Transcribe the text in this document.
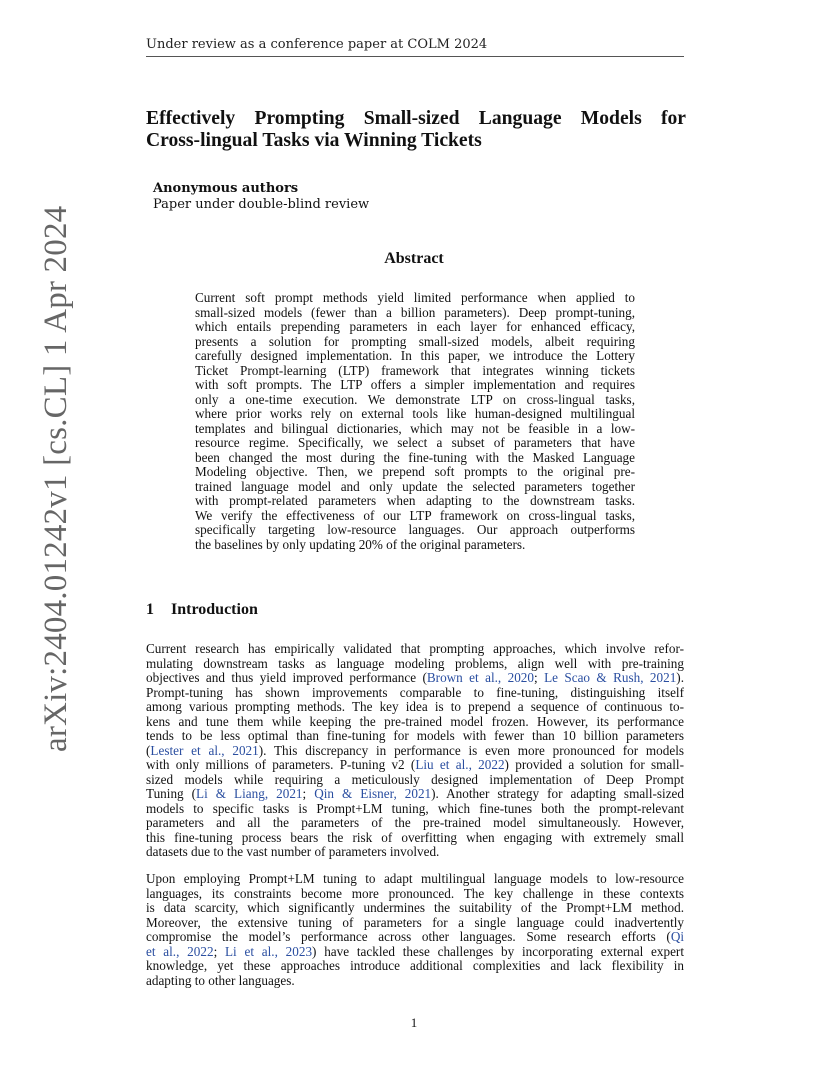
Under review as a conference paper at COLM 2024
arXiv:2404.01242v1 [cs.CL] 1 Apr 2024
Effectively Prompting Small-sized Language Models for
Cross-lingual Tasks via Winning Tickets
Anonymous authors
Paper under double-blind review
Abstract
Current soft prompt methods yield limited performance when applied to
small-sized models (fewer than a billion parameters). Deep prompt-tuning,
which entails prepending parameters in each layer for enhanced efficacy,
presents a solution for prompting small-sized models, albeit requiring
carefully designed implementation. In this paper, we introduce the Lottery
Ticket Prompt-learning (LTP) framework that integrates winning tickets
with soft prompts. The LTP offers a simpler implementation and requires
only a one-time execution. We demonstrate LTP on cross-lingual tasks,
where prior works rely on external tools like human-designed multilingual
templates and bilingual dictionaries, which may not be feasible in a low-
resource regime. Specifically, we select a subset of parameters that have
been changed the most during the fine-tuning with the Masked Language
Modeling objective. Then, we prepend soft prompts to the original pre-
trained language model and only update the selected parameters together
with prompt-related parameters when adapting to the downstream tasks.
We verify the effectiveness of our LTP framework on cross-lingual tasks,
specifically targeting low-resource languages. Our approach outperforms
the baselines by only updating 20% of the original parameters.
1 Introduction
Current research has empirically validated that prompting approaches, which involve refor-
mulating downstream tasks as language modeling problems, align well with pre-training
objectives and thus yield improved performance (Brown et al., 2020; Le Scao & Rush, 2021).
Prompt-tuning has shown improvements comparable to fine-tuning, distinguishing itself
among various prompting methods. The key idea is to prepend a sequence of continuous to-
kens and tune them while keeping the pre-trained model frozen. However, its performance
tends to be less optimal than fine-tuning for models with fewer than 10 billion parameters
(Lester et al., 2021). This discrepancy in performance is even more pronounced for models
with only millions of parameters. P-tuning v2 (Liu et al., 2022) provided a solution for small-
sized models while requiring a meticulously designed implementation of Deep Prompt
Tuning (Li & Liang, 2021; Qin & Eisner, 2021). Another strategy for adapting small-sized
models to specific tasks is Prompt+LM tuning, which fine-tunes both the prompt-relevant
parameters and all the parameters of the pre-trained model simultaneously. However,
this fine-tuning process bears the risk of overfitting when engaging with extremely small
datasets due to the vast number of parameters involved.
Upon employing Prompt+LM tuning to adapt multilingual language models to low-resource
languages, its constraints become more pronounced. The key challenge in these contexts
is data scarcity, which significantly undermines the suitability of the Prompt+LM method.
Moreover, the extensive tuning of parameters for a single language could inadvertently
compromise the model’s performance across other languages. Some research efforts (Qi
et al., 2022; Li et al., 2023) have tackled these challenges by incorporating external expert
knowledge, yet these approaches introduce additional complexities and lack flexibility in
adapting to other languages.
1
